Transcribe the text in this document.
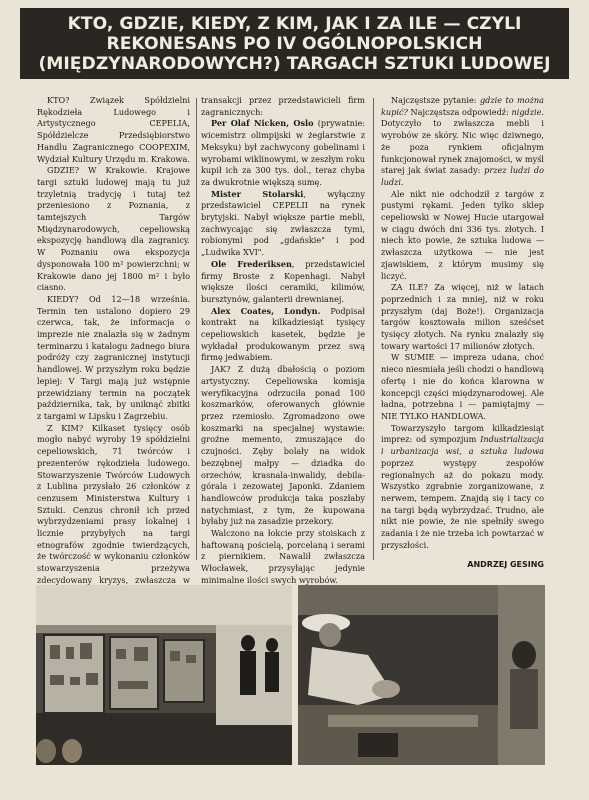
KTO, GDZIE, KIEDY, Z KIM, JAK I ZA ILE — CZYLI
REKONESANS PO IV OGÓLNOPOLSKICH
(MIĘDZYNARODOWYCH?) TARGACH SZTUKI LUDOWEJ

KTO? Związek Spółdzielni Rękodzieła Ludowego i Artystycznego CEPELIA, Spółdzielcze Przedsiębiorstwo Handlu Zagranicznego COOPEXIM, Wydział Kultury Urzędu m. Krakowa.

GDZIE? W Krakowie. Krajowe targi sztuki ludowej mają tu już trzyletnią tradycję i tutaj też przeniesiono z Poznania, z tamtejszych Targów Międzynarodowych, cepeliowską ekspozycję handlową dla zagranicy. W Poznaniu owa ekspozycja dysponowała 100 m² powierzchni; w Krakowie dano jej 1800 m² i było ciasno.

KIEDY? Od 12—18 września. Termin ten ustalono dopiero 29 czerwca, tak, że informacja o imprezie nie znalazła się w żadnym terminarzu i katalogu żadnego biura podróży czy zagranicznej instytucji handlowej. W przyszłym roku będzie lepiej: V Targi mają już wstępnie przewidziany termin na początek października, tak, by uniknąć zbitki z targami w Lipsku i Zagrzebiu.

Z KIM? Kilkaset tysięcy osób mogło nabyć wyroby 19 spółdzielni cepeliowskich, 71 twórców i prezenterów rękodzieła ludowego. Stowarzyszenie Twórców Ludowych z Lublina przysłało 26 członków z cenzusem Ministerstwa Kultury i Sztuki. Cenzus chronił ich przed wybrzydzeniami prasy lokalnej i licznie przybyłych na targi etnografów zgodnie twierdzących, że twórczość w wykonaniu członków stowarzyszenia przeżywa zdecydowany kryzys, zwłaszcza w

transakcji przez przedstawicieli firm zagranicznych:

Per Olaf Nicken, Oslo (prywatnie: wicemistrz olimpijski w żeglarstwie z Meksyku) był zachwycony gobelinami i wyrobami wiklinowymi, w zeszłym roku kupił ich za 300 tys. dol., teraz chyba za dwukrotnie większą sumę.

Mister Stolarski, wyłączny przedstawiciel CEPELII na rynek brytyjski. Nabył większe partie mebli, zachwycając się zwłaszcza tymi, robionymi pod „gdańskie" i pod „Ludwika XVI".

Ole Frederiksen, przedstawiciel firmy Broste z Kopenhagi. Nabył większe ilości ceramiki, kilimów, bursztynów, galanterii drewnianej.

Alex Coates, Londyn. Podpisał kontrakt na kilkadziesiąt tysięcy cepeliowskich kasetek, będzie je wykładał produkowanym przez swą firmę jedwabiem.

JAK? Z dużą dbałością o poziom artystyczny. Cepeliowska komisja weryfikacyjna odrzuciła ponad 100 koszmarków, oferowanych głównie przez rzemiosło. Zgromadzono owe koszmarki na specjalnej wystawie: groźne memento, zmuszające do czujności. Zęby bolały na widok bezzębnej małpy — dziadka do orzechów, krasnala-inwalidy, debila-górala i zezowatej Japonki. Zdaniem handlowców produkcja taka poszłaby natychmiast, z tym, że kupowana byłaby już na zasadzie przekory.

Walczono na łokcie przy stoiskach z haftowaną pościelą, porcelaną i serami z piernikiem. Nawalił zwłaszcza Włocławek, przysyłając jedynie minimalne ilości swych wyrobów.

Najczęstsze pytanie: gdzie to można kupić? Najczęstsza odpowiedź: nigdzie. Dotyczyło to zwłaszcza mebli i wyrobów ze skóry. Nic więc dziwnego, że poza rynkiem oficjalnym funkcjonował rynek znajomości, w myśl starej jak świat zasady: przez ludzi do ludzi.

Ale nikt nie odchodził z targów z pustymi rękami. Jeden tylko sklep cepeliowski w Nowej Hucie utargował w ciągu dwóch dni 336 tys. złotych. I niech kto powie, że sztuka ludowa — zwłaszcza użytkowa — nie jest zjawiskiem, z którym musimy się liczyć.

ZA ILE? Za więcej, niż w latach poprzednich i za mniej, niż w roku przyszłym (daj Boże!). Organizacja targów kosztowała milion sześćset tysięcy złotych. Na rynku znalazły się towary wartości 17 milionów złotych.

W SUMIE — impreza udana, choć nieco niesmiała jeśli chodzi o handlową ofertę i nie do końca klarowna w koncepcji części międzynarodowej. Ale ładna, potrzebna i — pamiętajmy — NIE TYLKO HANDLOWA.

Towarzyszyło targom kilkadziesiąt imprez: od sympozjum Industrializacja i urbanizacja wsi, a sztuka ludowa poprzez występy zespołów regionalnych aż do pokazu mody. Wszystko zgrabnie zorganizowane, z nerwem, tempem. Znajdą się i tacy co na targi będą wybrzydzać. Trudno, ale nikt nie powie, że nie spełniły swego zadania i że nie trzeba ich powtarzać w przyszłości.

ANDRZEJ GESING
